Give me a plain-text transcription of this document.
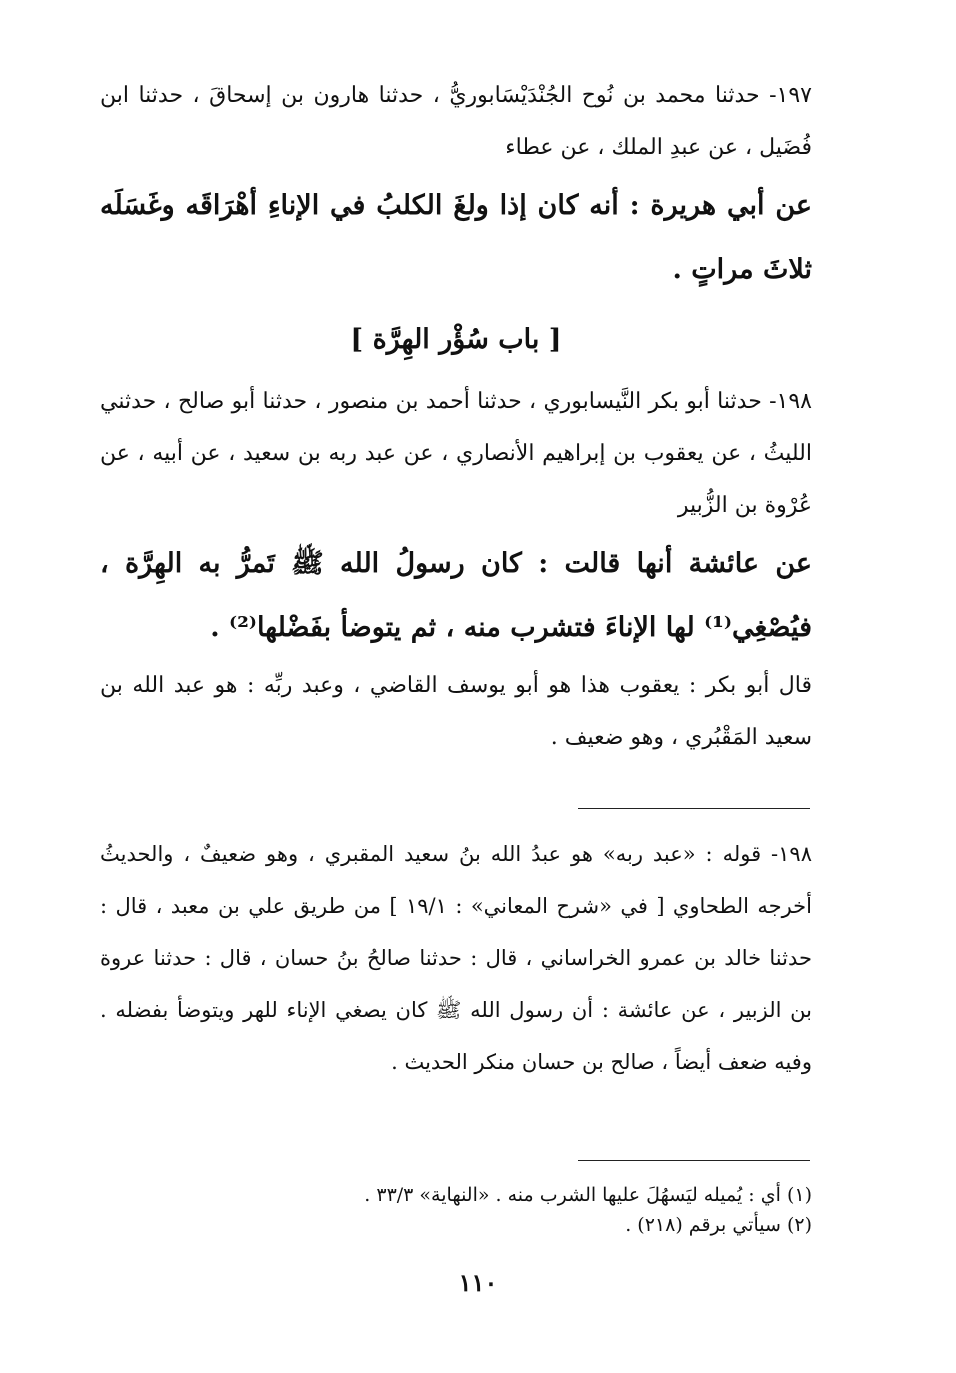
١٩٧- حدثنا محمد بن نُوح الجُنْدَيْسَابوريُّ ، حدثنا هارون بن إسحاقَ ، حدثنا ابن فُضَيل ، عن عبدِ الملك ، عن عطاء

عن أبي هريرة : أنه كان إذا ولغَ الكلبُ في الإناءِ أهْرَاقَه وغَسَلَه ثلاثَ مراتٍ .

[ باب سُؤْر الهِرَّة ]

١٩٨- حدثنا أبو بكر النَّيسابوري ، حدثنا أحمد بن منصور ، حدثنا أبو صالح ، حدثني الليثُ ، عن يعقوب بن إبراهيم الأنصاري ، عن عبد ربه بن سعيد ، عن أبيه ، عن عُرْوة بن الزُّبير

عن عائشة أنها قالت : كان رسولُ الله ﷺ تَمرُّ به الهِرَّة ، فيُصْغِي⁽¹⁾ لها الإناءَ فتشرب منه ، ثم يتوضأ بفَضْلها⁽²⁾ .

قال أبو بكر : يعقوب هذا هو أبو يوسف القاضي ، وعبد ربِّه : هو عبد الله بن سعيد المَقْبُري ، وهو ضعيف .

١٩٨- قوله : «عبد ربه» هو عبدُ الله بنُ سعيد المقبري ، وهو ضعيفٌ ، والحديثُ أخرجه الطحاوي [ في «شرح المعاني» : ١٩/١ ] من طريق علي بن معبد ، قال : حدثنا خالد بن عمرو الخراساني ، قال : حدثنا صالحُ بنُ حسان ، قال : حدثنا عروة بن الزبير ، عن عائشة : أن رسول الله ﷺ كان يصغي الإناء للهر ويتوضأ بفضله . وفيه ضعف أيضاً ، صالح بن حسان منكر الحديث .

(١) أي : يُميله ليَسهُلَ عليها الشرب منه . «النهاية» ٣٣/٣ .

(٢) سيأتي برقم (٢١٨) .

١١٠
